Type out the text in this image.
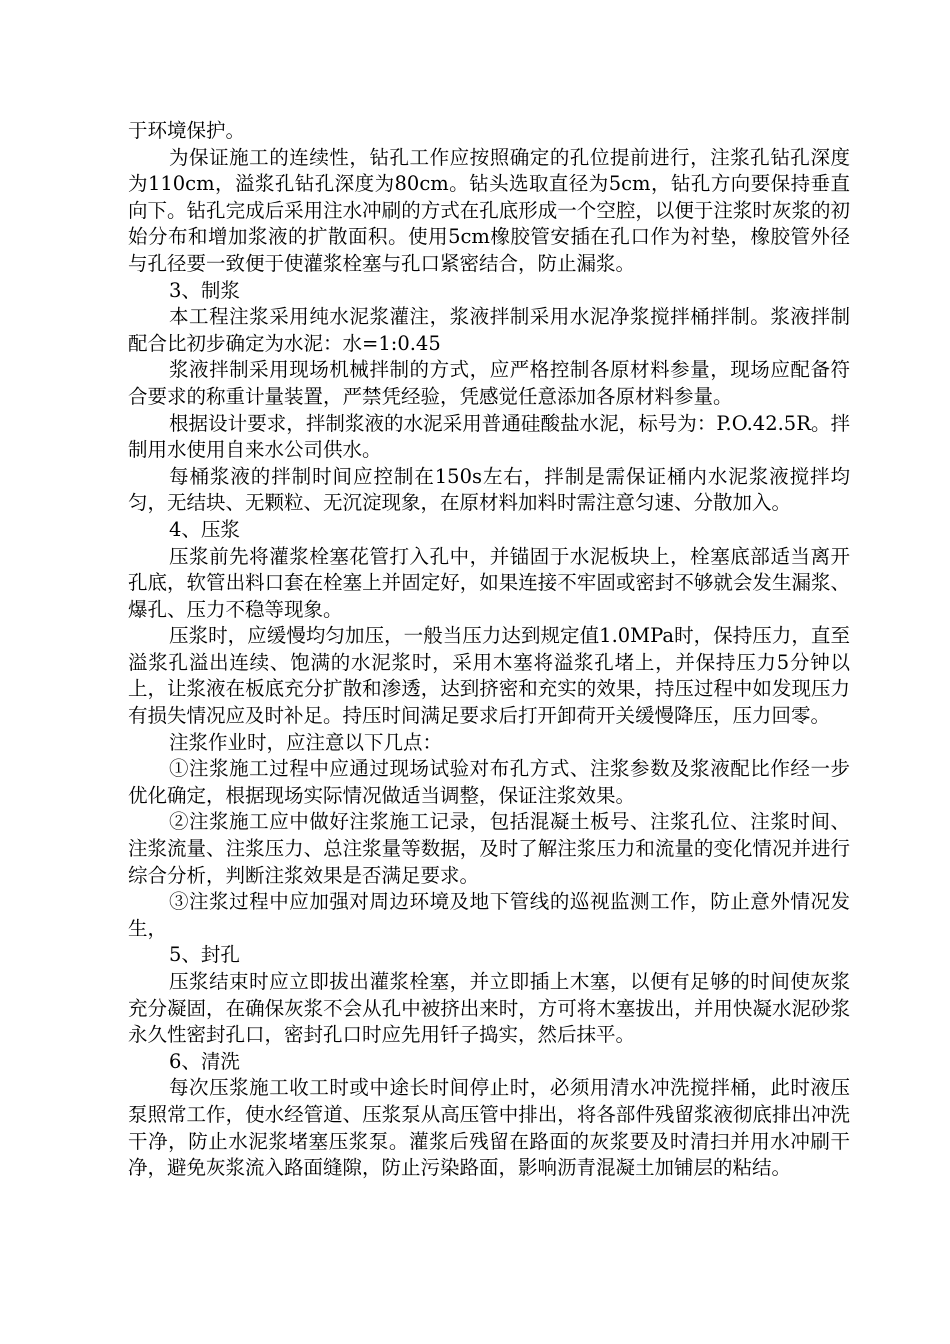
于环境保护。

为保证施工的连续性，钻孔工作应按照确定的孔位提前进行，注浆孔钻孔深度为110cm，溢浆孔钻孔深度为80cm。钻头选取直径为5cm，钻孔方向要保持垂直向下。钻孔完成后采用注水冲刷的方式在孔底形成一个空腔，以便于注浆时灰浆的初始分布和增加浆液的扩散面积。使用5cm橡胶管安插在孔口作为衬垫，橡胶管外径与孔径要一致便于使灌浆栓塞与孔口紧密结合，防止漏浆。

3、制浆

本工程注浆采用纯水泥浆灌注，浆液拌制采用水泥净浆搅拌桶拌制。浆液拌制配合比初步确定为水泥：水=1:0.45

浆液拌制采用现场机械拌制的方式，应严格控制各原材料参量，现场应配备符合要求的称重计量装置，严禁凭经验，凭感觉任意添加各原材料参量。

根据设计要求，拌制浆液的水泥采用普通硅酸盐水泥，标号为：P.O.42.5R。拌制用水使用自来水公司供水。

每桶浆液的拌制时间应控制在150s左右，拌制是需保证桶内水泥浆液搅拌均匀，无结块、无颗粒、无沉淀现象，在原材料加料时需注意匀速、分散加入。

4、压浆

压浆前先将灌浆栓塞花管打入孔中，并锚固于水泥板块上，栓塞底部适当离开孔底，软管出料口套在栓塞上并固定好，如果连接不牢固或密封不够就会发生漏浆、爆孔、压力不稳等现象。

压浆时，应缓慢均匀加压，一般当压力达到规定值1.0MPa时，保持压力，直至溢浆孔溢出连续、饱满的水泥浆时，采用木塞将溢浆孔堵上，并保持压力5分钟以上，让浆液在板底充分扩散和渗透，达到挤密和充实的效果，持压过程中如发现压力有损失情况应及时补足。持压时间满足要求后打开卸荷开关缓慢降压，压力回零。

注浆作业时，应注意以下几点：

①注浆施工过程中应通过现场试验对布孔方式、注浆参数及浆液配比作经一步优化确定，根据现场实际情况做适当调整，保证注浆效果。

②注浆施工应中做好注浆施工记录，包括混凝土板号、注浆孔位、注浆时间、注浆流量、注浆压力、总注浆量等数据，及时了解注浆压力和流量的变化情况并进行综合分析，判断注浆效果是否满足要求。

③注浆过程中应加强对周边环境及地下管线的巡视监测工作，防止意外情况发生，

5、封孔

压浆结束时应立即拔出灌浆栓塞，并立即插上木塞，以便有足够的时间使灰浆充分凝固，在确保灰浆不会从孔中被挤出来时，方可将木塞拔出，并用快凝水泥砂浆永久性密封孔口，密封孔口时应先用钎子捣实，然后抹平。

6、清洗

每次压浆施工收工时或中途长时间停止时，必须用清水冲洗搅拌桶，此时液压泵照常工作，使水经管道、压浆泵从高压管中排出，将各部件残留浆液彻底排出冲洗干净，防止水泥浆堵塞压浆泵。灌浆后残留在路面的灰浆要及时清扫并用水冲刷干净，避免灰浆流入路面缝隙，防止污染路面，影响沥青混凝土加铺层的粘结。
